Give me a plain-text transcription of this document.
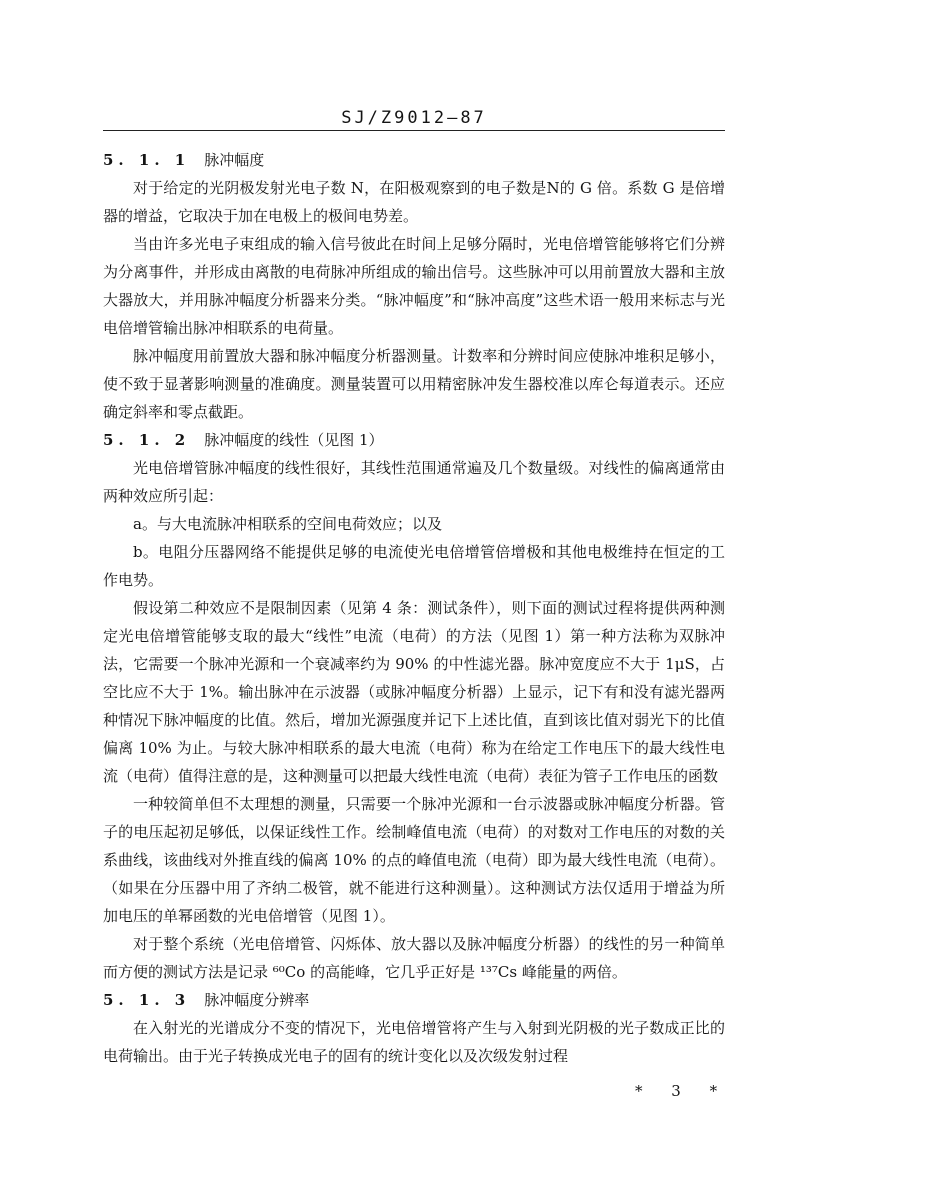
SJ/Z9012—87
5. 1. 1 脉冲幅度
对于给定的光阴极发射光电子数 N，在阳极观察到的电子数是N的 G 倍。系数 G 是倍增器的增益，它取决于加在电极上的极间电势差。
当由许多光电子束组成的输入信号彼此在时间上足够分隔时，光电倍增管能够将它们分辨为分离事件，并形成由离散的电荷脉冲所组成的输出信号。这些脉冲可以用前置放大器和主放大器放大，并用脉冲幅度分析器来分类。“脉冲幅度”和“脉冲高度”这些术语一般用来标志与光电倍增管输出脉冲相联系的电荷量。
脉冲幅度用前置放大器和脉冲幅度分析器测量。计数率和分辨时间应使脉冲堆积足够小，使不致于显著影响测量的准确度。测量装置可以用精密脉冲发生器校准以库仑每道表示。还应确定斜率和零点截距。
5. 1. 2 脉冲幅度的线性（见图 1）
光电倍增管脉冲幅度的线性很好，其线性范围通常遍及几个数量级。对线性的偏离通常由两种效应所引起：
a。与大电流脉冲相联系的空间电荷效应；以及
b。电阻分压器网络不能提供足够的电流使光电倍增管倍增极和其他电极维持在恒定的工作电势。
假设第二种效应不是限制因素（见第 4 条：测试条件），则下面的测试过程将提供两种测定光电倍增管能够支取的最大“线性”电流（电荷）的方法（见图 1）第一种方法称为双脉冲法，它需要一个脉冲光源和一个衰减率约为 90% 的中性滤光器。脉冲宽度应不大于 1μS，占空比应不大于 1%。输出脉冲在示波器（或脉冲幅度分析器）上显示，记下有和没有滤光器两种情况下脉冲幅度的比值。然后，增加光源强度并记下上述比值，直到该比值对弱光下的比值偏离 10% 为止。与较大脉冲相联系的最大电流（电荷）称为在给定工作电压下的最大线性电流（电荷）值得注意的是，这种测量可以把最大线性电流（电荷）表征为管子工作电压的函数
一种较简单但不太理想的测量，只需要一个脉冲光源和一台示波器或脉冲幅度分析器。管子的电压起初足够低，以保证线性工作。绘制峰值电流（电荷）的对数对工作电压的对数的关系曲线，该曲线对外推直线的偏离 10% 的点的峰值电流（电荷）即为最大线性电流（电荷）。（如果在分压器中用了齐纳二极管，就不能进行这种测量）。这种测试方法仅适用于增益为所加电压的单幂函数的光电倍增管（见图 1）。
对于整个系统（光电倍增管、闪烁体、放大器以及脉冲幅度分析器）的线性的另一种简单而方便的测试方法是记录 ⁶⁰Co 的高能峰，它几乎正好是 ¹³⁷Cs 峰能量的两倍。
5. 1. 3 脉冲幅度分辨率
在入射光的光谱成分不变的情况下，光电倍增管将产生与入射到光阴极的光子数成正比的电荷输出。由于光子转换成光电子的固有的统计变化以及次级发射过程
* 3 *
